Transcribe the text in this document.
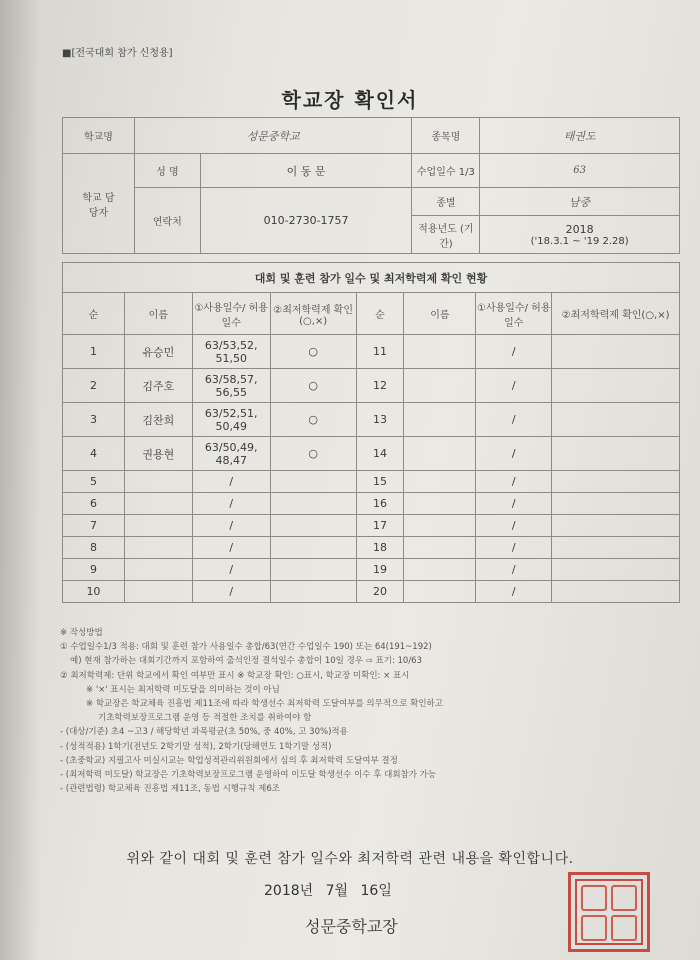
■[전국대회 참가 신청용]
학교장 확인서
학교명	성문중학교		종목명	태권도
학교 담당자	성 명	이 동 문	수업일수 1/3	63
	연락처	010-2730-1757	종별	남중
			적용년도 (기간)	2018
('18.3.1 ~ '19 2.28)
대회 및 훈련 참가 일수 및 최저학력제 확인 현황							
순	이름	①사용일수/ 허용일수	②최저학력제 확인(○,×)	순	이름	①사용일수/ 허용일수	②최저학력제 확인(○,×)
1	유승민	63/53,52, 51,50	○	11		/	
2	김주호	63/58,57, 56,55	○	12		/	
3	김찬희	63/52,51, 50,49	○	13		/	
4	권용현	63/50,49, 48,47	○	14		/	
5		/		15		/	
6		/		16		/	
7		/		17		/	
8		/		18		/	
9		/		19		/	
10		/		20		/	
※ 작성방법
① 수업일수1/3 적용: 대회 및 훈련 참가 사용일수 총합/63(연간 수업일수 190) 또는 64(191~192)
예) 현재 참가하는 대회기간까지 포함하여 출석인정 결석일수 총합이 10일 경우 ⇨ 표기: 10/63
② 최저학력제: 단위 학교에서 확인 여부만 표시 ※ 학교장 확인: ○표시, 학교장 미확인: × 표시
※ '×' 표시는 최저학력 미도달을 의미하는 것이 아님
※ 학교장은 학교체육 진흥법 제11조에 따라 학생선수 최저학력 도달여부를 의무적으로 확인하고
기초학력보장프로그램 운영 등 적절한 조치를 취하여야 함
- (대상/기준) 초4 ~고3 / 해당학년 과목평균(초 50%, 중 40%, 고 30%)적용
- (성적적용) 1학기(전년도 2학기말 성적), 2학기(당해연도 1학기말 성적)
- (초중학교) 지필고사 미실시교는 학업성적관리위원회에서 심의 후 최저학력 도달여부 결정
- (최저학력 미도달) 학교장은 기초학력보장프로그램 운영하여 이도달 학생선수 이수 후 대회참가 가능
- (관련법령) 학교체육 진흥법 제11조, 동법 시행규칙 제6조
위와 같이 대회 및 훈련 참가 일수와 최저학력 관련 내용을 확인합니다.
2018년 7월 16일
성문중학교장
